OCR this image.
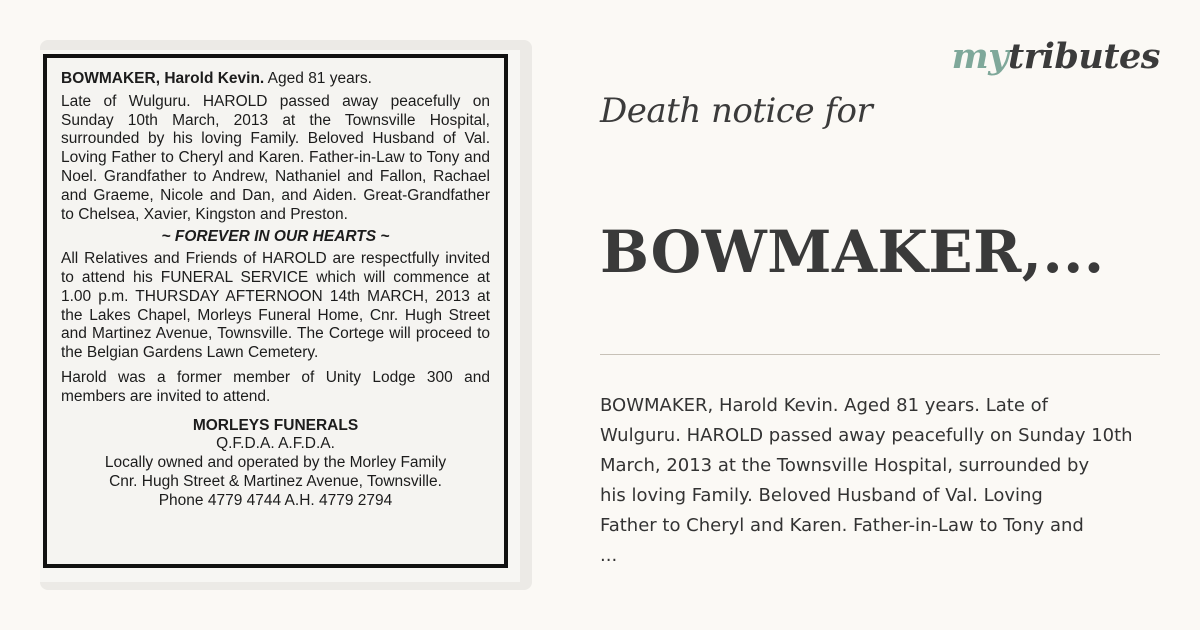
BOWMAKER, Harold Kevin. Aged 81 years.

Late of Wulguru. HAROLD passed away peacefully on Sunday 10th March, 2013 at the Townsville Hospital, surrounded by his loving Family. Beloved Husband of Val. Loving Father to Cheryl and Karen. Father-in-Law to Tony and Noel. Grandfather to Andrew, Nathaniel and Fallon, Rachael and Graeme, Nicole and Dan, and Aiden. Great-Grandfather to Chelsea, Xavier, Kingston and Preston.

~ FOREVER IN OUR HEARTS ~

All Relatives and Friends of HAROLD are respectfully invited to attend his FUNERAL SERVICE which will commence at 1.00 p.m. THURSDAY AFTERNOON 14th MARCH, 2013 at the Lakes Chapel, Morleys Funeral Home, Cnr. Hugh Street and Martinez Avenue, Townsville. The Cortege will proceed to the Belgian Gardens Lawn Cemetery.

Harold was a former member of Unity Lodge 300 and members are invited to attend.

MORLEYS FUNERALS

Q.F.D.A. A.F.D.A.

Locally owned and operated by the Morley Family

Cnr. Hugh Street & Martinez Avenue, Townsville.

Phone 4779 4744 A.H. 4779 2794

mytributes
Death notice for
BOWMAKER,...
BOWMAKER, Harold Kevin. Aged 81 years. Late of
Wulguru. HAROLD passed away peacefully on Sunday 10th
March, 2013 at the Townsville Hospital, surrounded by
his loving Family. Beloved Husband of Val. Loving
Father to Cheryl and Karen. Father-in-Law to Tony and
...
